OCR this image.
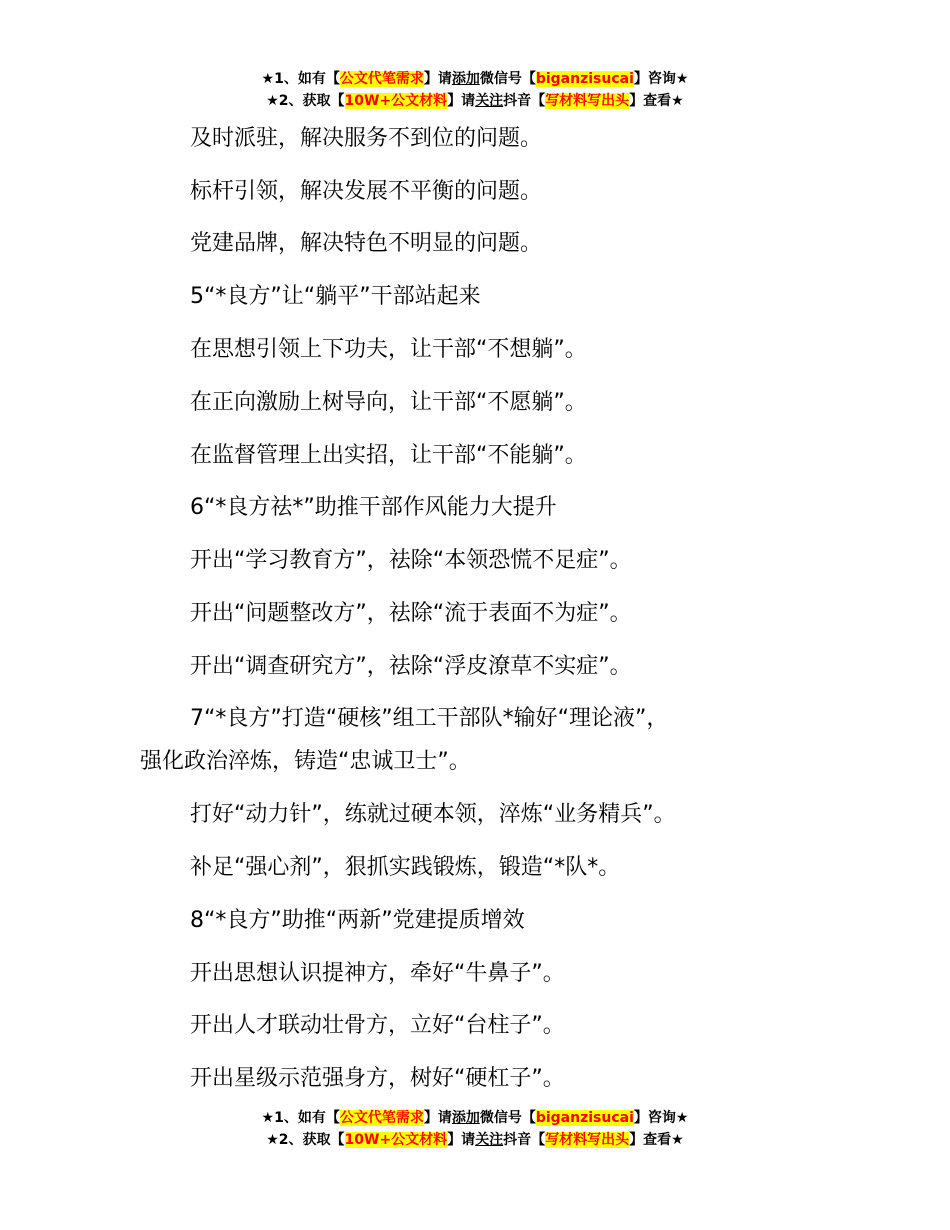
★1、如有【公文代笔需求】请添加微信号【biganzisucai】咨询★
★2、获取【10W+公文材料】请关注抖音【写材料写出头】查看★
及时派驻，解决服务不到位的问题。
标杆引领，解决发展不平衡的问题。
党建品牌，解决特色不明显的问题。
5“*良方”让“躺平”干部站起来
在思想引领上下功夫，让干部“不想躺”。
在正向激励上树导向，让干部“不愿躺”。
在监督管理上出实招，让干部“不能躺”。
6“*良方祛*”助推干部作风能力大提升
开出“学习教育方”，祛除“本领恐慌不足症”。
开出“问题整改方”，祛除“流于表面不为症”。
开出“调查研究方”，祛除“浮皮潦草不实症”。
7“*良方”打造“硬核”组工干部队*输好“理论液”，
强化政治淬炼，铸造“忠诚卫士”。
打好“动力针”，练就过硬本领，淬炼“业务精兵”。
补足“强心剂”，狠抓实践锻炼，锻造“*队*。
8“*良方”助推“两新”党建提质增效
开出思想认识提神方，牵好“牛鼻子”。
开出人才联动壮骨方，立好“台柱子”。
开出星级示范强身方，树好“硬杠子”。
★1、如有【公文代笔需求】请添加微信号【biganzisucai】咨询★
★2、获取【10W+公文材料】请关注抖音【写材料写出头】查看★
